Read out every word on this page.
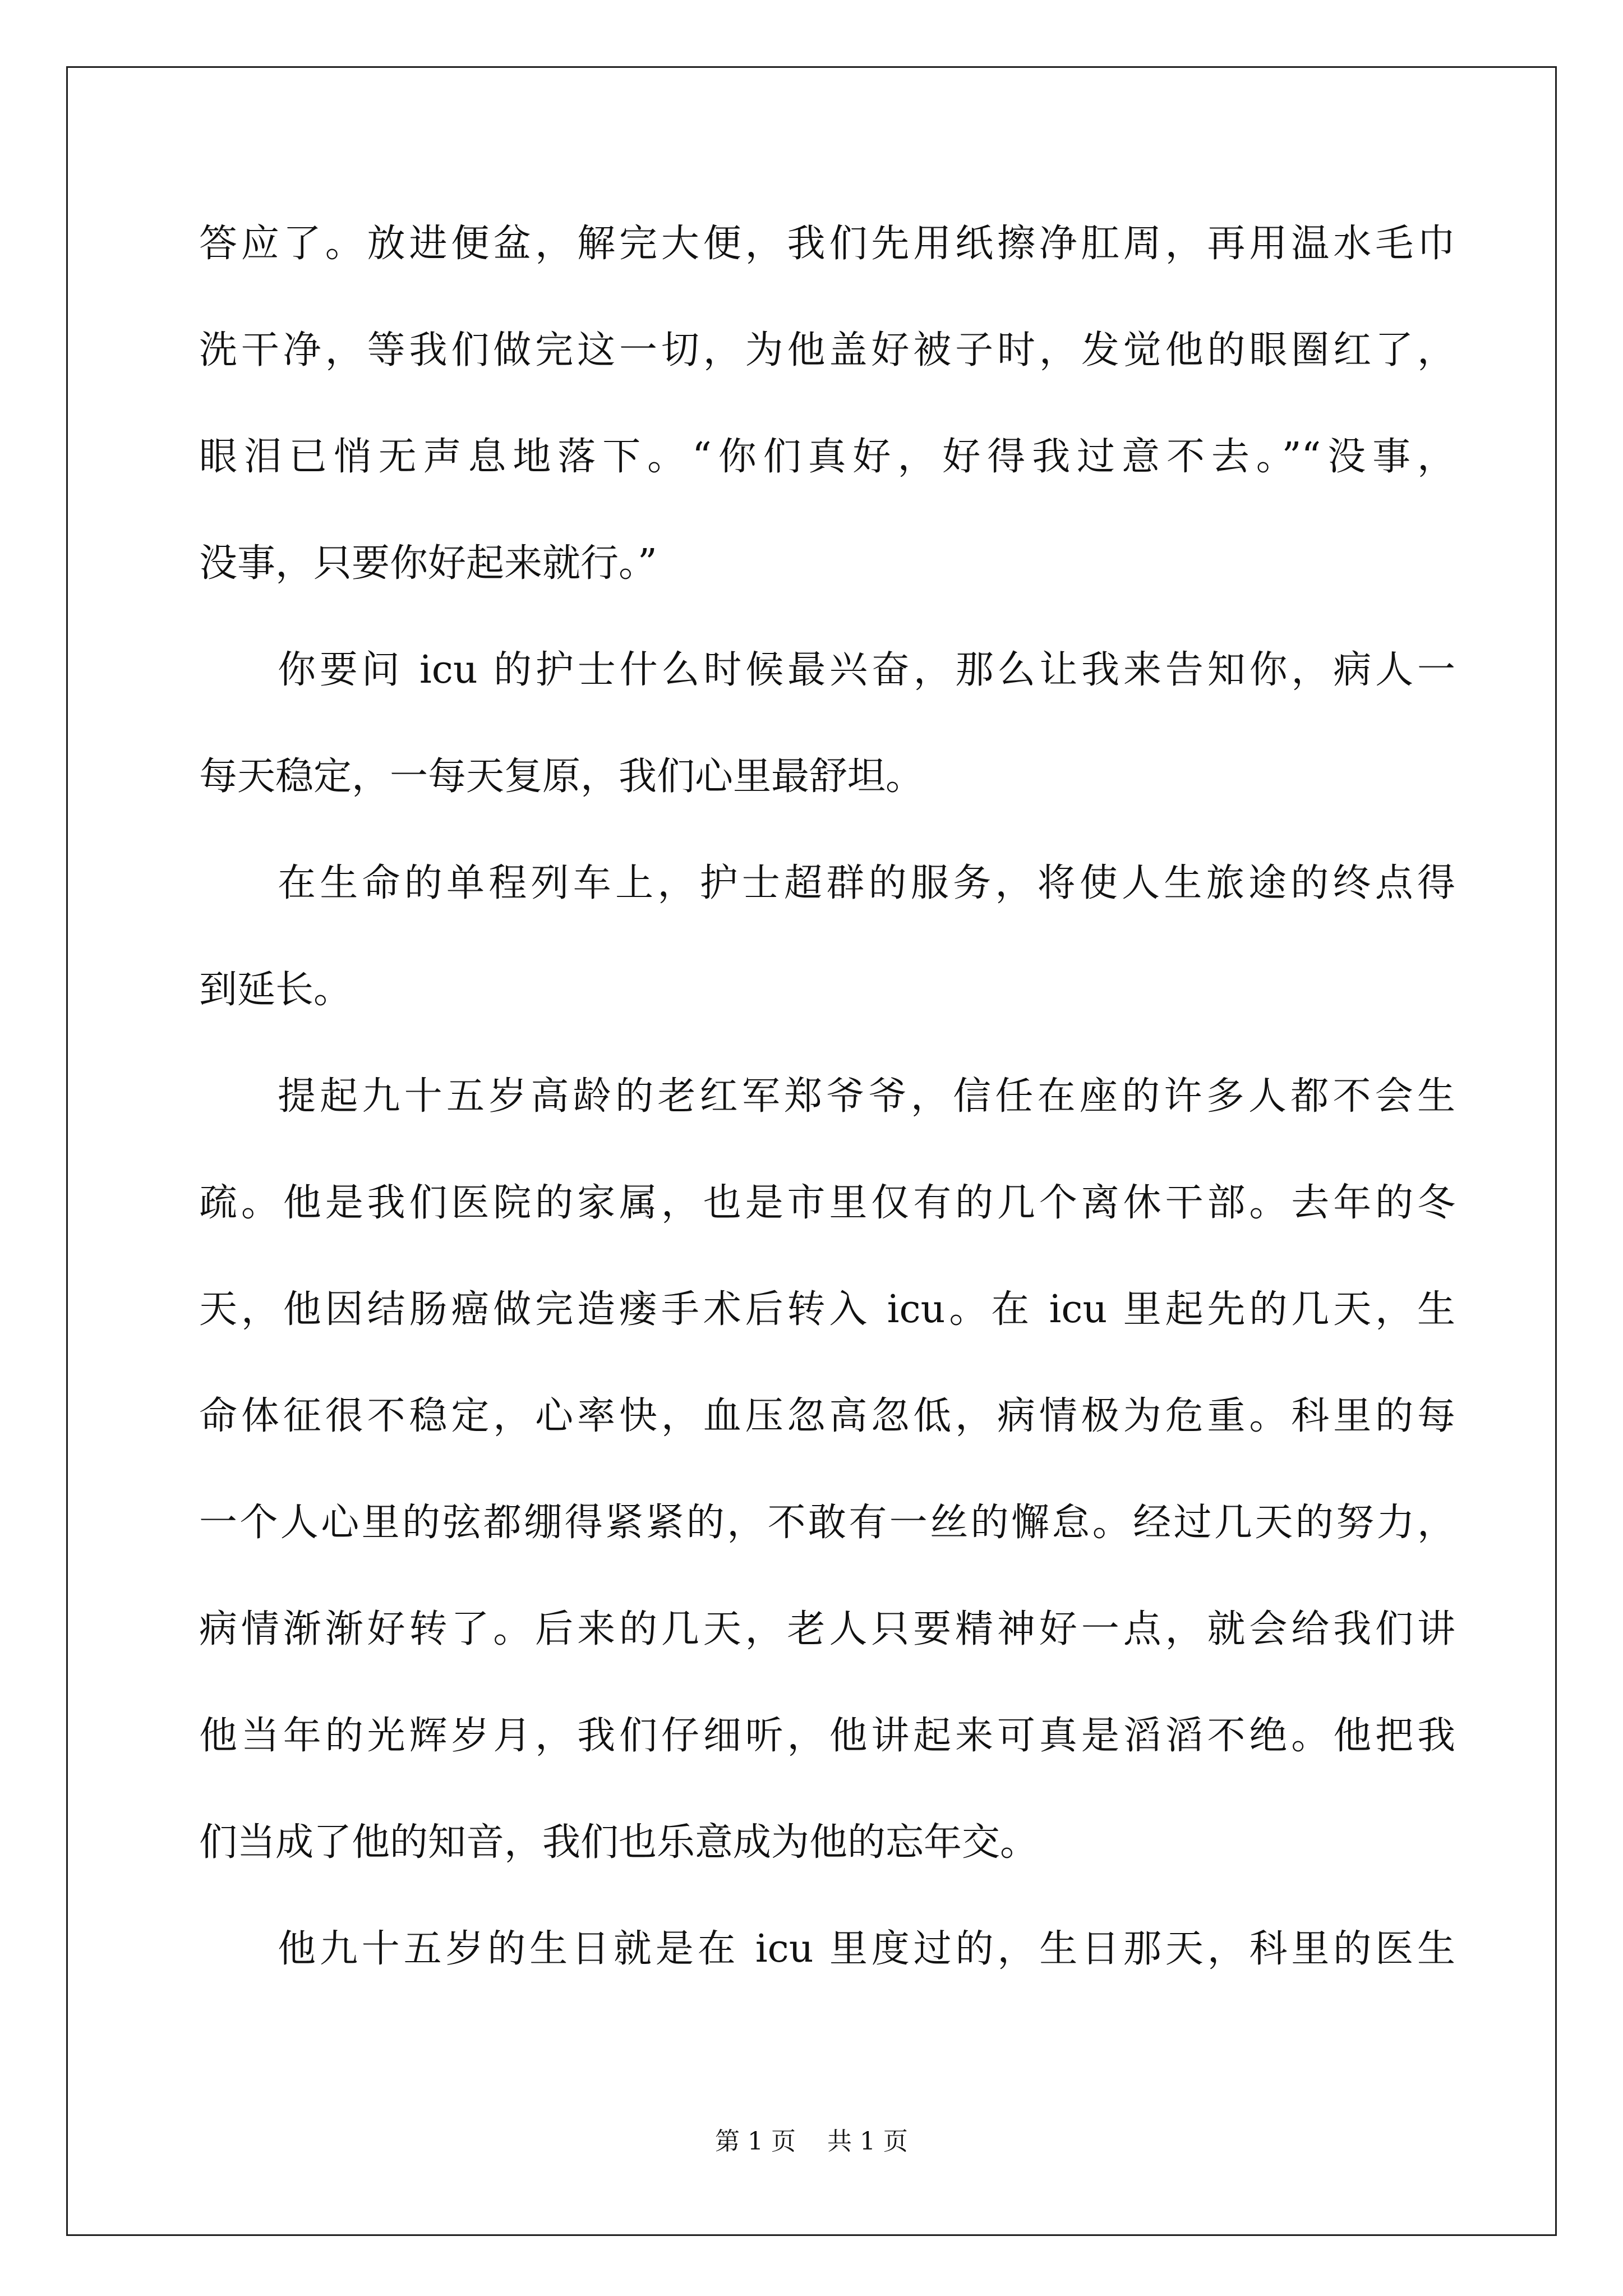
答应了。放进便盆，解完大便，我们先用纸擦净肛周，再用温水毛巾
洗干净，等我们做完这一切，为他盖好被子时，发觉他的眼圈红了，
眼泪已悄无声息地落下。“你们真好，好得我过意不去。”“没事，
没事，只要你好起来就行。”
你要问 icu 的护士什么时候最兴奋，那么让我来告知你，病人一
每天稳定，一每天复原，我们心里最舒坦。
在生命的单程列车上，护士超群的服务，将使人生旅途的终点得
到延长。
提起九十五岁高龄的老红军郑爷爷，信任在座的许多人都不会生
疏。他是我们医院的家属，也是市里仅有的几个离休干部。去年的冬
天，他因结肠癌做完造瘘手术后转入 icu。在 icu 里起先的几天，生
命体征很不稳定，心率快，血压忽高忽低，病情极为危重。科里的每
一个人心里的弦都绷得紧紧的，不敢有一丝的懈怠。经过几天的努力，
病情渐渐好转了。后来的几天，老人只要精神好一点，就会给我们讲
他当年的光辉岁月，我们仔细听，他讲起来可真是滔滔不绝。他把我
们当成了他的知音，我们也乐意成为他的忘年交。
他九十五岁的生日就是在 icu 里度过的，生日那天，科里的医生
第 1 页    共 1 页
